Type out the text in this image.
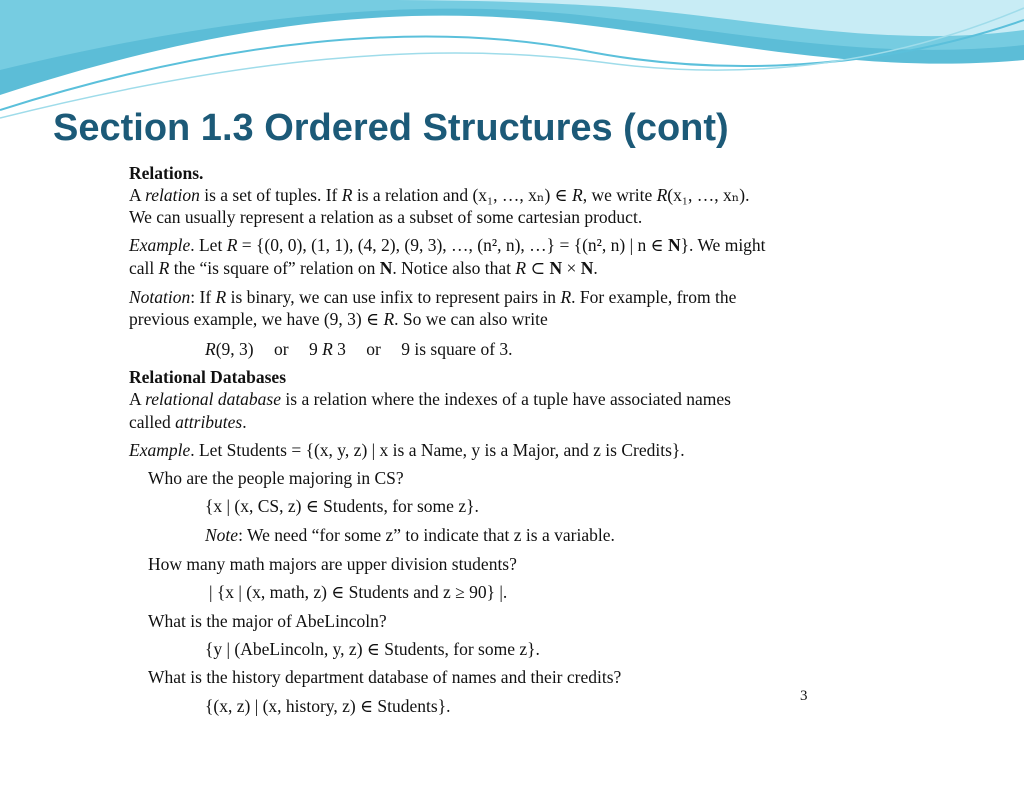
Section 1.3 Ordered Structures (cont)
Relations.
A relation is a set of tuples. If R is a relation and (x₁, …, xₙ) ∈ R, we write R(x₁, …, xₙ).
We can usually represent a relation as a subset of some cartesian product.
Example. Let R = {(0, 0), (1, 1), (4, 2), (9, 3), …, (n², n), …} = {(n², n) | n ∈ N}. We might
call R the “is square of” relation on N. Notice also that R ⊂ N × N.
Notation: If R is binary, we can use infix to represent pairs in R. For example, from the
previous example, we have (9, 3) ∈ R. So we can also write
R(9, 3) or 9 R 3 or 9 is square of 3.
Relational Databases
A relational database is a relation where the indexes of a tuple have associated names
called attributes.
Example. Let Students = {(x, y, z) | x is a Name, y is a Major, and z is Credits}.
Who are the people majoring in CS?
{x | (x, CS, z) ∈ Students, for some z}.
Note: We need “for some z” to indicate that z is a variable.
How many math majors are upper division students?
| {x | (x, math, z) ∈ Students and z ≥ 90} |.
What is the major of AbeLincoln?
{y | (AbeLincoln, y, z) ∈ Students, for some z}.
What is the history department database of names and their credits?
{(x, z) | (x, history, z) ∈ Students}.	3
